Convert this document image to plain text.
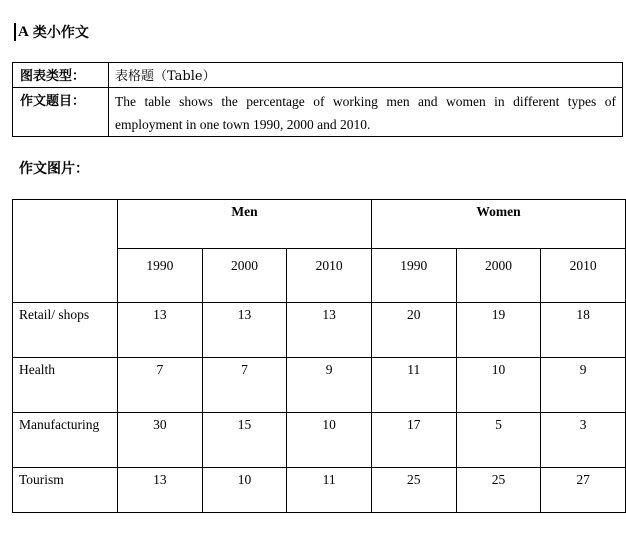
A 类小作文
图表类型：	表格题（Table）
作文题目：	The table shows the percentage of working men and women in different types of employment in one town 1990, 2000 and 2010.
作文图片：
	Men			Women		
	1990	2000	2010	1990	2000	2010
Retail/ shops	13	13	13	20	19	18
Health	7	7	9	11	10	9
Manufacturing	30	15	10	17	5	3
Tourism	13	10	11	25	25	27
